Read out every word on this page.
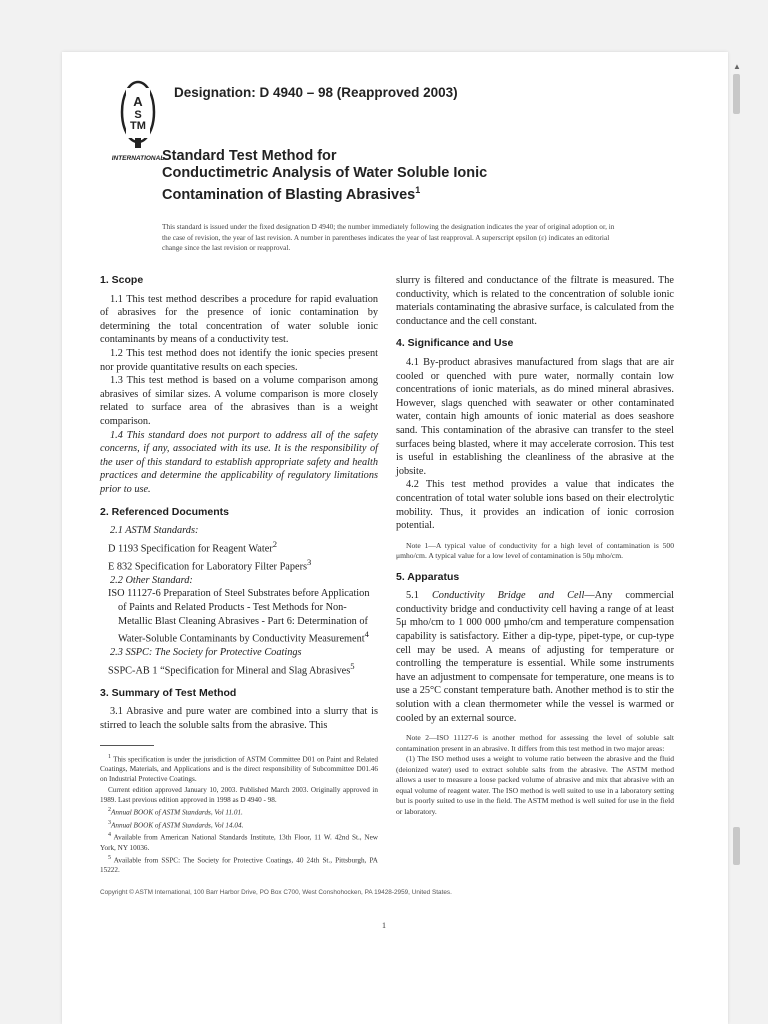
A
S
TM
INTERNATIONAL
Designation: D 4940 – 98 (Reapproved 2003)
Standard Test Method for
Conductimetric Analysis of Water Soluble Ionic
Contamination of Blasting Abrasives$^1$
This standard is issued under the fixed designation D 4940; the number immediately following the designation indicates the year of original adoption or, in the case of revision, the year of last revision. A number in parentheses indicates the year of last reapproval. A superscript epsilon (ε) indicates an editorial change since the last revision or reapproval.
1. Scope

1.1 This test method describes a procedure for rapid evaluation of abrasives for the presence of ionic contamination by determining the total concentration of water soluble ionic contaminants by means of a conductivity test.

1.2 This test method does not identify the ionic species present nor provide quantitative results on each species.

1.3 This test method is based on a volume comparison among abrasives of similar sizes. A volume comparison is more closely related to surface area of the abrasives than is a weight comparison.

1.4 This standard does not purport to address all of the safety concerns, if any, associated with its use. It is the responsibility of the user of this standard to establish appropriate safety and health practices and determine the applicability of regulatory limitations prior to use.

2. Referenced Documents

2.1 ASTM Standards:

D 1193 Specification for Reagent Water$^2$

E 832 Specification for Laboratory Filter Papers$^3$

2.2 Other Standard:

ISO 11127-6 Preparation of Steel Substrates before Application of Paints and Related Products - Test Methods for Non-Metallic Blast Cleaning Abrasives - Part 6: Determination of Water-Soluble Contaminants by Conductivity Measurement$^4$

2.3 SSPC: The Society for Protective Coatings

SSPC-AB 1 “Specification for Mineral and Slag Abrasives$^5$

3. Summary of Test Method

3.1 Abrasive and pure water are combined into a slurry that is stirred to leach the soluble salts from the abrasive. This

$^1$ This specification is under the jurisdiction of ASTM Committee D01 on Paint and Related Coatings, Materials, and Applications and is the direct responsibility of Subcommittee D01.46 on Industrial Protective Coatings.
Current edition approved January 10, 2003. Published March 2003. Originally approved in 1989. Last previous edition approved in 1998 as D 4940 - 98.
$^2$Annual BOOK of ASTM Standards, Vol 11.01.
$^3$Annual BOOK of ASTM Standards, Vol 14.04.
$^4$ Available from American National Standards Institute, 13th Floor, 11 W. 42nd St., New York, NY 10036.
$^5$ Available from SSPC: The Society for Protective Coatings, 40 24th St., Pittsburgh, PA 15222.

slurry is filtered and conductance of the filtrate is measured. The conductivity, which is related to the concentration of soluble ionic materials contaminating the abrasive surface, is calculated from the conductance and the cell constant.

4. Significance and Use

4.1 By-product abrasives manufactured from slags that are air cooled or quenched with pure water, normally contain low concentrations of ionic materials, as do mined mineral abrasives. However, slags quenched with seawater or other contaminated water, contain high amounts of ionic material as does seashore sand. This contamination of the abrasive can transfer to the steel surfaces being blasted, where it may accelerate corrosion. This test is useful in establishing the cleanliness of the abrasive at the jobsite.

4.2 This test method provides a value that indicates the concentration of total water soluble ions based on their electrolytic mobility. Thus, it provides an indication of ionic corrosion potential.

Note 1—A typical value of conductivity for a high level of contamination is 500 μmho/cm. A typical value for a low level of contamination is 50μ mho/cm.
5. Apparatus

5.1 Conductivity Bridge and Cell—Any commercial conductivity bridge and conductivity cell having a range of at least 5μ mho/cm to 1 000 000 μmho/cm and temperature compensation capability is satisfactory. Either a dip-type, pipet-type, or cup-type cell may be used. A means of adjusting for temperature or controlling the temperature is essential. While some instruments have an adjustment to compensate for temperature, one means is to use a 25°C constant temperature bath. Another method is to stir the solution with a clean thermometer while the vessel is warmed or cooled by an external source.

Note 2—ISO 11127-6 is another method for assessing the level of soluble salt contamination present in an abrasive. It differs from this test method in two major areas:
(1) The ISO method uses a weight to volume ratio between the abrasive and the fluid (deionized water) used to extract soluble salts from the abrasive. The ASTM method allows a user to measure a loose packed volume of abrasive and mix that abrasive with an equal volume of reagent water. The ISO method is well suited to use in a laboratory setting but is poorly suited to use in the field. The ASTM method is well suited for use in the field or laboratory.
Copyright © ASTM International, 100 Barr Harbor Drive, PO Box C700, West Conshohocken, PA 19428-2959, United States.
1
▲
